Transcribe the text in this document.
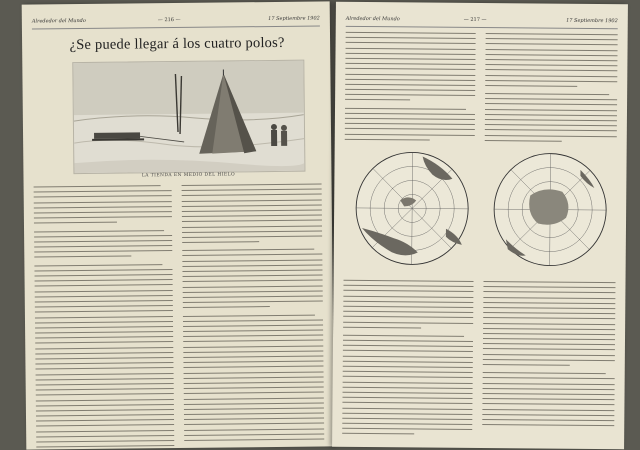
Alrededor del Mundo	— 216 —	17 Septiembre 1902
¿Se puede llegar á los cuatro polos?
LA TIENDA EN MEDIO DEL HIELO
Alrededor del Mundo	— 217 —	17 Septiembre 1902
